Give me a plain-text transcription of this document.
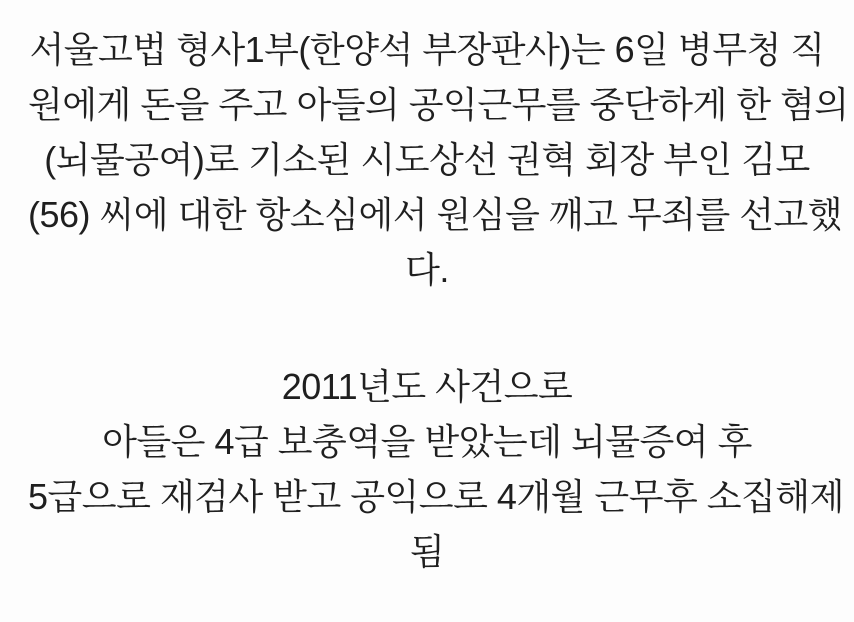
서울고법 형사1부(한양석 부장판사)는 6일 병무청 직
원에게 돈을 주고 아들의 공익근무를 중단하게 한 혐의
(뇌물공여)로 기소된 시도상선 권혁 회장 부인 김모
(56) 씨에 대한 항소심에서 원심을 깨고 무죄를 선고했
다.

2011년도 사건으로
아들은 4급 보충역을 받았는데 뇌물증여 후
5급으로 재검사 받고 공익으로 4개월 근무후 소집해제
됨
